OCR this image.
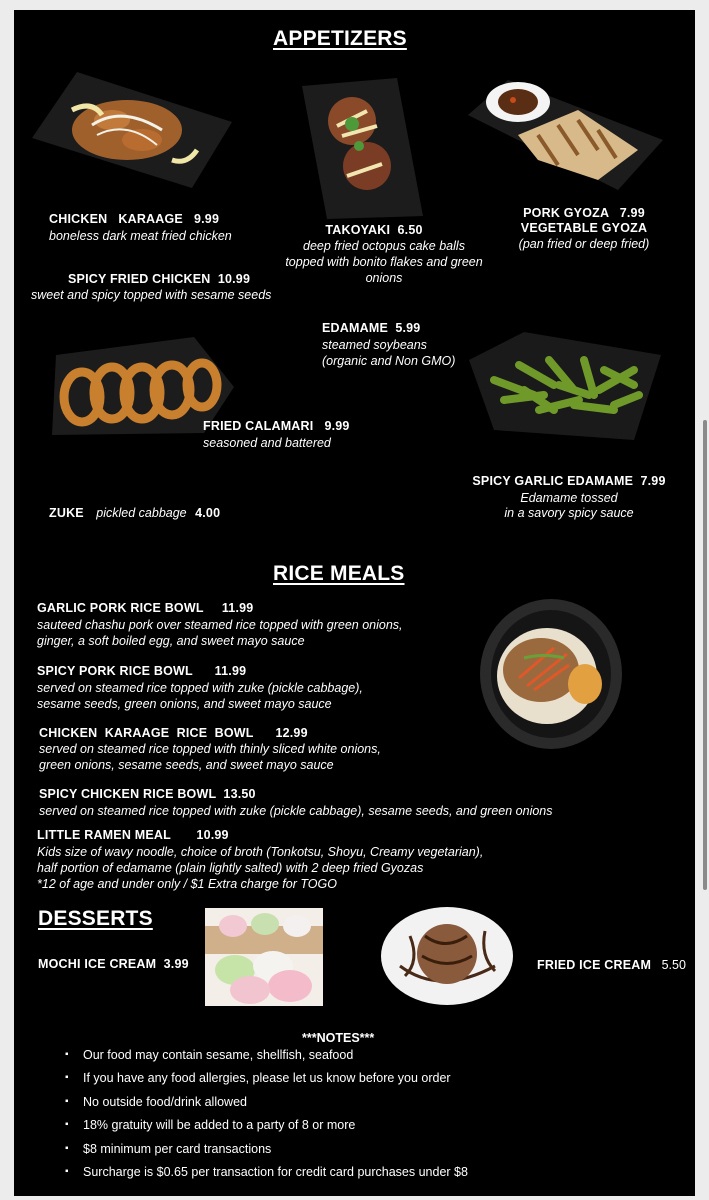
APPETIZERS
CHICKEN   KARAAGE   9.99
boneless dark meat fried chicken	TAKOYAKI  6.50
deep fried octopus cake balls topped with bonito flakes and green onions
PORK GYOZA   7.99
VEGETABLE GYOZA
(pan fried or deep fried)
SPICY FRIED CHICKEN  10.99
sweet and spicy topped with sesame seeds
EDAMAME  5.99
steamed soybeans
(organic and Non GMO)
FRIED CALAMARI   9.99
seasoned and battered
SPICY GARLIC EDAMAME  7.99
Edamame tossed
in a savory spicy sauce
ZUKE pickled cabbage 4.00
RICE MEALS
GARLIC PORK RICE BOWL     11.99
sauteed chashu pork over steamed rice topped with green onions,
ginger, a soft boiled egg, and sweet mayo sauce
SPICY PORK RICE BOWL      11.99
served on steamed rice topped with zuke (pickle cabbage),
sesame seeds, green onions, and sweet mayo sauce
CHICKEN  KARAAGE  RICE  BOWL      12.99
served on steamed rice topped with thinly sliced white onions,
green onions, sesame seeds, and sweet mayo sauce
SPICY CHICKEN RICE BOWL  13.50
served on steamed rice topped with zuke (pickle cabbage), sesame seeds, and green onions
LITTLE RAMEN MEAL       10.99
Kids size of wavy noodle, choice of broth (Tonkotsu, Shoyu, Creamy vegetarian),
half portion of edamame (plain lightly salted) with 2 deep fried Gyozas
*12 of age and under only / $1 Extra charge for TOGO
DESSERTS
MOCHI ICE CREAM  3.99	FRIED ICE CREAM 5.50
***NOTES***
▪ Our food may contain sesame, shellfish, seafood
▪ If you have any food allergies, please let us know before you order
▪ No outside food/drink allowed
▪ 18% gratuity will be added to a party of 8 or more
▪ $8 minimum per card transactions
▪ Surcharge is $0.65 per transaction for credit card purchases under $8
